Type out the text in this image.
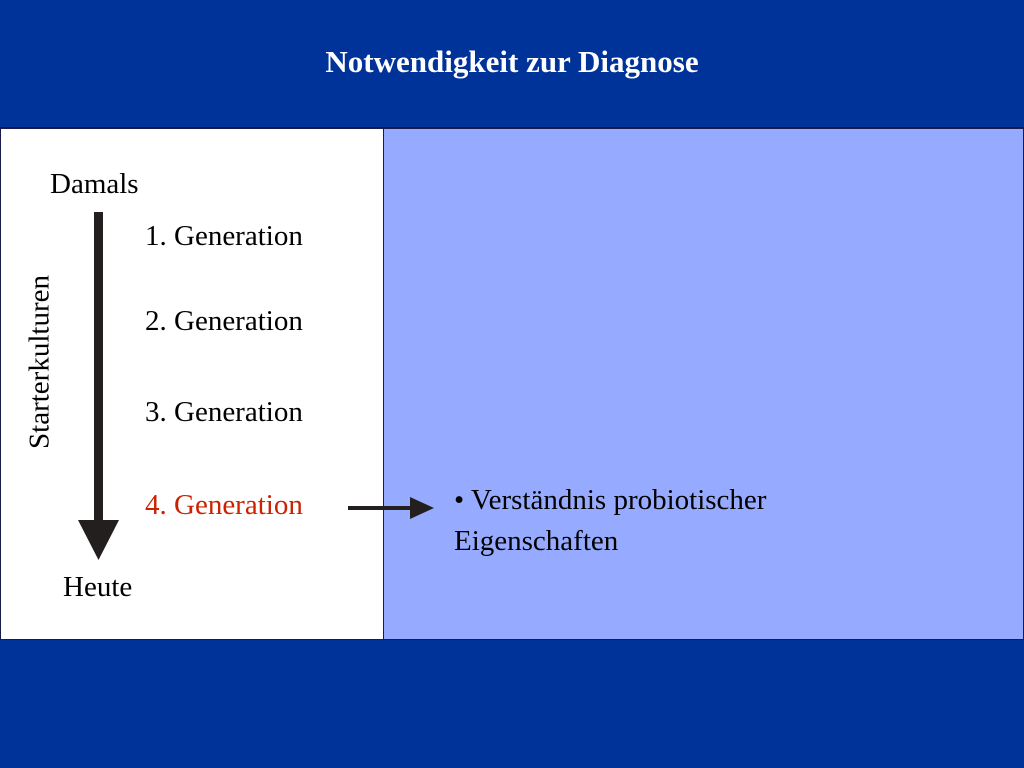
Notwendigkeit zur Diagnose
Damals
Heute
Starterkulturen
1. Generation
2. Generation
3. Generation
4. Generation	• Verständnis probiotischer Eigenschaften
